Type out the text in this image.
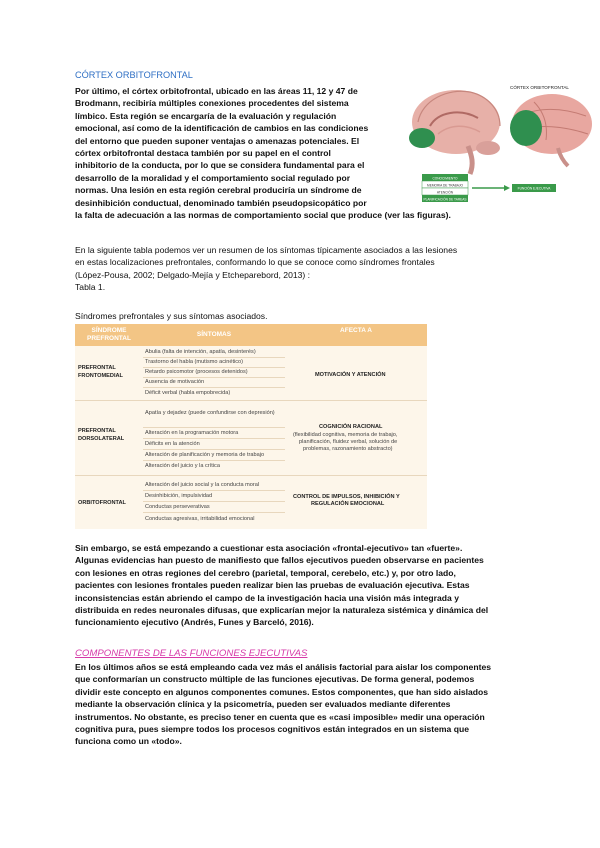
CÓRTEX ORBITOFRONTAL
Por último, el córtex orbitofrontal, ubicado en las áreas 11, 12 y 47 de
Brodmann, recibiría múltiples conexiones procedentes del sistema
límbico. Esta región se encargaría de la evaluación y regulación
emocional, así como de la identificación de cambios en las condiciones
del entorno que pueden suponer ventajas o amenazas potenciales. El
córtex orbitofrontal destaca también por su papel en el control
inhibitorio de la conducta, por lo que se considera fundamental para el
desarrollo de la moralidad y el comportamiento social regulado por
normas. Una lesión en esta región cerebral produciría un síndrome de
desinhibición conductual, denominado también pseudopsicopático por
la falta de adecuación a las normas de comportamiento social que produce (ver las figuras).
CÓRTEX ORBITOFRONTAL
CONOCIMIENTO
MEMORIA DE TRABAJO
ATENCIÓN
PLANIFICACIÓN DE TAREAS
FUNCIÓN EJECUTIVA
En la siguiente tabla podemos ver un resumen de los síntomas típicamente asociados a las lesiones
en estas localizaciones prefrontales, conformando lo que se conoce como síndromes frontales
(López-Pousa, 2002; Delgado-Mejía y Etcheparebord, 2013) :
Tabla 1.
Síndromes prefrontales y sus síntomas asociados.
SÍNDROME PREFRONTAL
SÍNTOMAS
AFECTA A
PREFRONTAL FRONTOMEDIAL
Abulia (falta de intención, apatía, desinterés)
Trastorno del habla (mutismo acinético)
Retardo psicomotor (procesos detenidos)
Ausencia de motivación
Déficit verbal (habla empobrecida)
MOTIVACIÓN Y ATENCIÓN
PREFRONTAL DORSOLATERAL
Apatía y dejadez (puede confundirse con depresión)
Alteración en la programación motora
Déficits en la atención
Alteración de planificación y memoria de trabajo
Alteración del juicio y la crítica
COGNICIÓN RACIONAL
(flexibilidad cognitiva, memoria de trabajo,
planificación, fluidez verbal, solución de
problemas, razonamiento abstracto)
ORBITOFRONTAL
Alteración del juicio social y la conducta moral
Desinhibición, impulsividad
Conductas perseverativas
Conductas agresivas, irritabilidad emocional
CONTROL DE IMPULSOS, INHIBICIÓN Y
REGULACIÓN EMOCIONAL
Sin embargo, se está empezando a cuestionar esta asociación «frontal-ejecutivo» tan «fuerte».
Algunas evidencias han puesto de manifiesto que fallos ejecutivos pueden observarse en pacientes
con lesiones en otras regiones del cerebro (parietal, temporal, cerebelo, etc.) y, por otro lado,
pacientes con lesiones frontales pueden realizar bien las pruebas de evaluación ejecutiva. Estas
inconsistencias están abriendo el campo de la investigación hacia una visión más integrada y
distribuida en redes neuronales difusas, que explicarían mejor la naturaleza sistémica y dinámica del
funcionamiento ejecutivo (Andrés, Funes y Barceló, 2016).
COMPONENTES DE LAS FUNCIONES EJECUTIVAS
En los últimos años se está empleando cada vez más el análisis factorial para aislar los componentes
que conformarían un constructo múltiple de las funciones ejecutivas. De forma general, podemos
dividir este concepto en algunos componentes comunes. Estos componentes, que han sido aislados
mediante la observación clínica y la psicometría, pueden ser evaluados mediante diferentes
instrumentos. No obstante, es preciso tener en cuenta que es «casi imposible» medir una operación
cognitiva pura, pues siempre todos los procesos cognitivos están integrados en un sistema que
funciona como un «todo».
